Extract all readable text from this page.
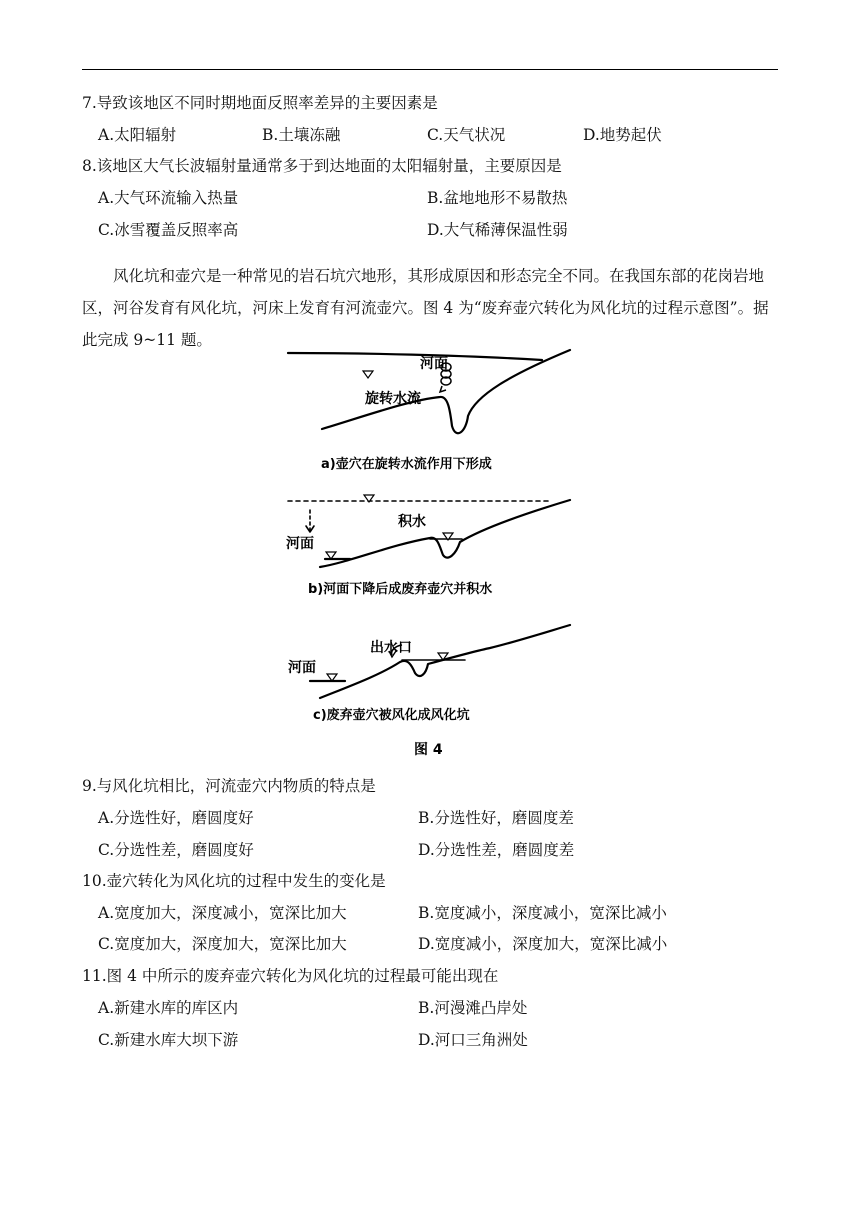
7.导致该地区不同时期地面反照率差异的主要因素是
A.太阳辐射	B.土壤冻融	C.天气状况	D.地势起伏
8.该地区大气长波辐射量通常多于到达地面的太阳辐射量，主要原因是
A.大气环流输入热量	B.盆地地形不易散热
C.冰雪覆盖反照率高	D.大气稀薄保温性弱
风化坑和壶穴是一种常见的岩石坑穴地形，其形成原因和形态完全不同。在我国东部的花岗岩地区，河谷发育有风化坑，河床上发育有河流壶穴。图 4 为“废弃壶穴转化为风化坑的过程示意图”。据此完成 9~11 题。
河面
旋转水流
a)壶穴在旋转水流作用下形成
积水
河面
b)河面下降后成废弃壶穴并积水
出水口
河面
c)废弃壶穴被风化成风化坑
图 4
9.与风化坑相比，河流壶穴内物质的特点是
A.分选性好，磨圆度好	B.分选性好，磨圆度差
C.分选性差，磨圆度好	D.分选性差，磨圆度差
10.壶穴转化为风化坑的过程中发生的变化是
A.宽度加大，深度减小，宽深比加大	B.宽度减小，深度减小，宽深比减小
C.宽度加大，深度加大，宽深比加大	D.宽度减小，深度加大，宽深比减小
11.图 4 中所示的废弃壶穴转化为风化坑的过程最可能出现在
A.新建水库的库区内	B.河漫滩凸岸处
C.新建水库大坝下游	D.河口三角洲处
